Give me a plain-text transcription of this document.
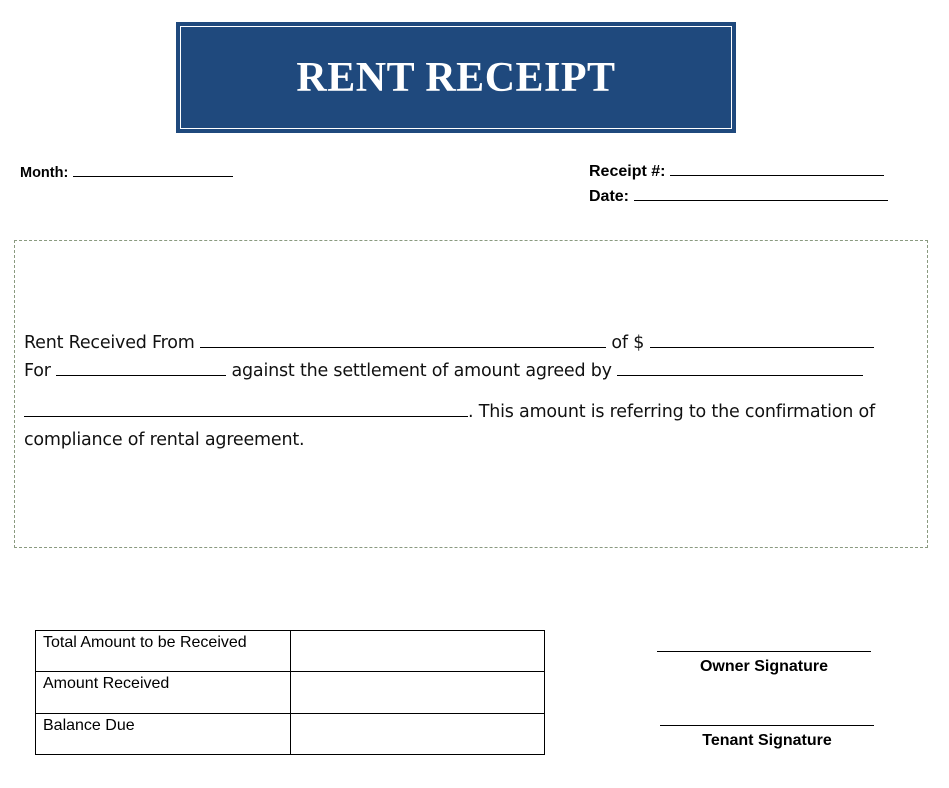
RENT RECEIPT
Month:	Receipt #:
Date:
Rent Received From	of $
For	against the settlement of amount agreed by
. This amount is referring to the confirmation of
compliance of rental agreement.
Total Amount to be Received	
Amount Received	
Balance Due	
Owner Signature
Tenant Signature
